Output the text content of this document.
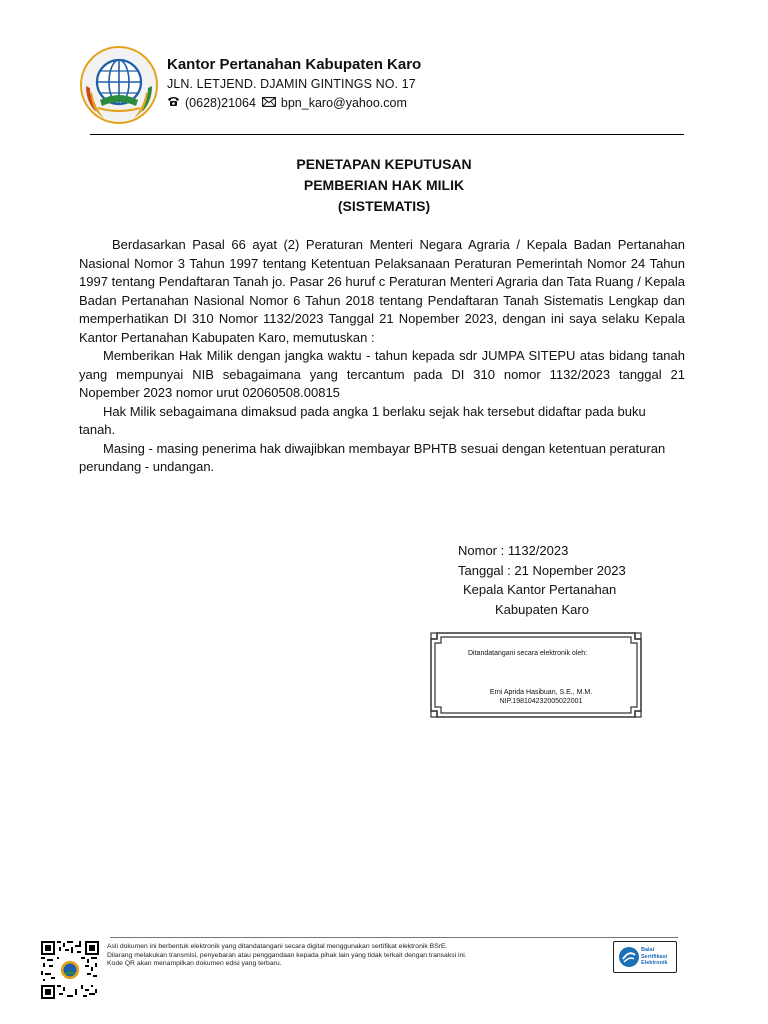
Kantor Pertanahan Kabupaten Karo
JLN. LETJEND. DJAMIN GINTINGS NO. 17
(0628)21064 bpn_karo@yahoo.com
PENETAPAN KEPUTUSAN
PEMBERIAN HAK MILIK
(SISTEMATIS)

Berdasarkan Pasal 66 ayat (2) Peraturan Menteri Negara Agraria / Kepala Badan Pertanahan Nasional Nomor 3 Tahun 1997 tentang Ketentuan Pelaksanaan Peraturan Pemerintah Nomor 24 Tahun 1997 tentang Pendaftaran Tanah jo. Pasar 26 huruf c Peraturan Menteri Agraria dan Tata Ruang / Kepala Badan Pertanahan Nasional Nomor 6 Tahun 2018 tentang Pendaftaran Tanah Sistematis Lengkap dan memperhatikan DI 310 Nomor 1132/2023 Tanggal 21 Nopember 2023, dengan ini saya selaku Kepala Kantor Pertanahan Kabupaten Karo, memutuskan :

Memberikan Hak Milik dengan jangka waktu - tahun kepada sdr JUMPA SITEPU atas bidang tanah yang mempunyai NIB sebagaimana yang tercantum pada DI 310 nomor 1132/2023 tanggal 21 Nopember 2023 nomor urut 02060508.00815

Hak Milik sebagaimana dimaksud pada angka 1 berlaku sejak hak tersebut didaftar pada buku tanah.

Masing - masing penerima hak diwajibkan membayar BPHTB sesuai dengan ketentuan peraturan perundang - undangan.

Nomor : 1132/2023
Tanggal : 21 Nopember 2023
Kepala Kantor Pertanahan
Kabupaten Karo
Ditandatangani secara elektronik oleh:
Erni Aprida Hasibuan, S.E., M.M.
NIP.198104232005022001
Asli dokumen ini berbentuk elektronik yang ditandatangani secara digital menggunakan sertifikat elektronik BSrE.
Dilarang melakukan transmisi, penyebaran atau penggandaan kepada pihak lain yang tidak terkait dengan transaksi ini.
Kode QR akan menampilkan dokumen edisi yang terbaru.
Balai
Sertifikasi
Elektronik
